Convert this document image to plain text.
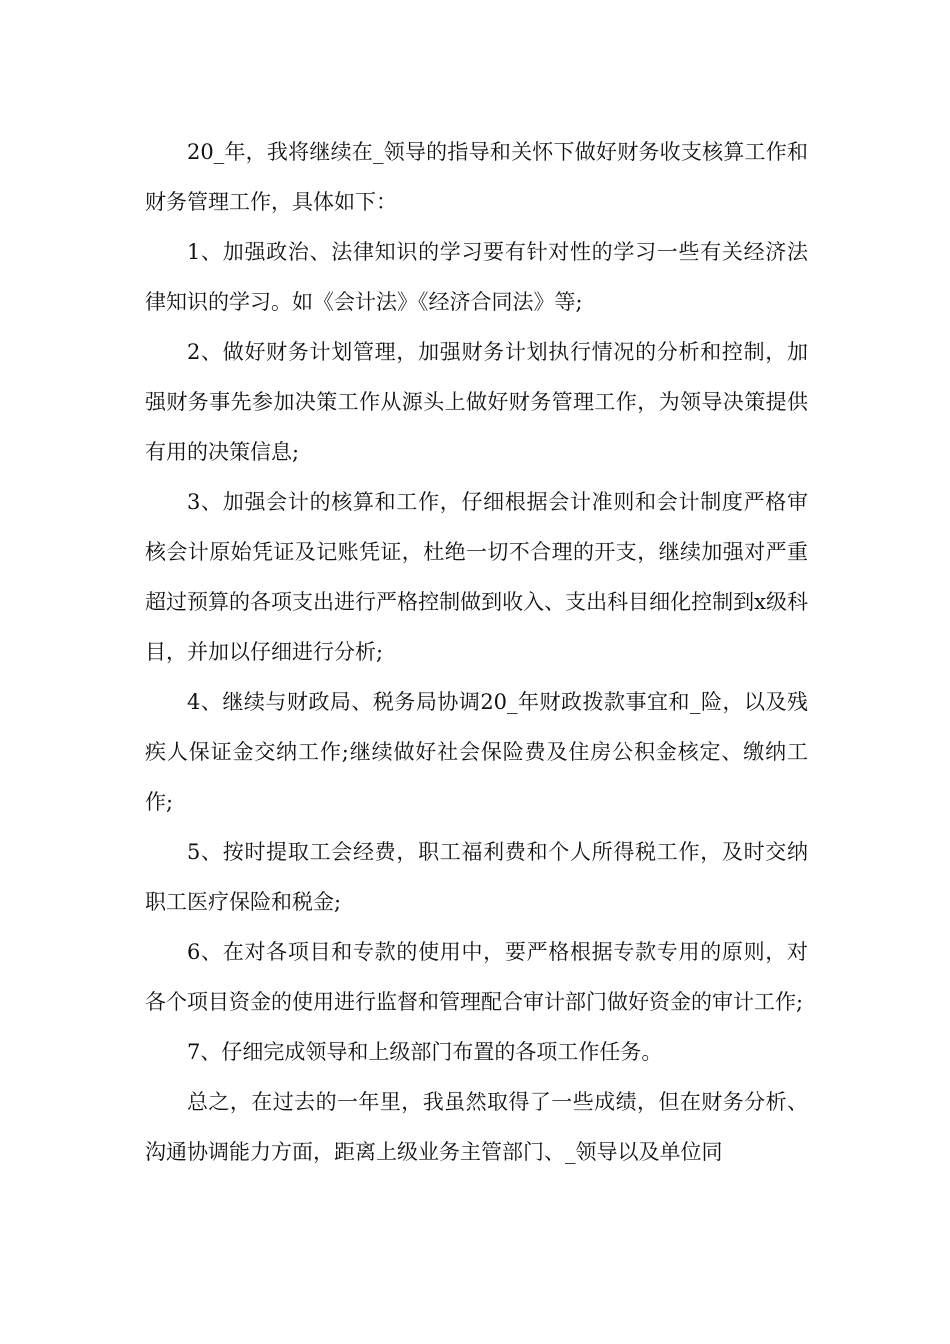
20_年，我将继续在_领导的指导和关怀下做好财务收支核算工作和财务管理工作，具体如下：

1、加强政治、法律知识的学习要有针对性的学习一些有关经济法律知识的学习。如《会计法》《经济合同法》等;

2、做好财务计划管理，加强财务计划执行情况的分析和控制，加强财务事先参加决策工作从源头上做好财务管理工作，为领导决策提供有用的决策信息;

3、加强会计的核算和工作，仔细根据会计准则和会计制度严格审核会计原始凭证及记账凭证，杜绝一切不合理的开支，继续加强对严重超过预算的各项支出进行严格控制做到收入、支出科目细化控制到x级科目，并加以仔细进行分析;

4、继续与财政局、税务局协调20_年财政拨款事宜和_险，以及残疾人保证金交纳工作;继续做好社会保险费及住房公积金核定、缴纳工作;

5、按时提取工会经费，职工福利费和个人所得税工作，及时交纳职工医疗保险和税金;

6、在对各项目和专款的使用中，要严格根据专款专用的原则，对各个项目资金的使用进行监督和管理配合审计部门做好资金的审计工作;

7、仔细完成领导和上级部门布置的各项工作任务。

总之，在过去的一年里，我虽然取得了一些成绩，但在财务分析、沟通协调能力方面，距离上级业务主管部门、_领导以及单位同
